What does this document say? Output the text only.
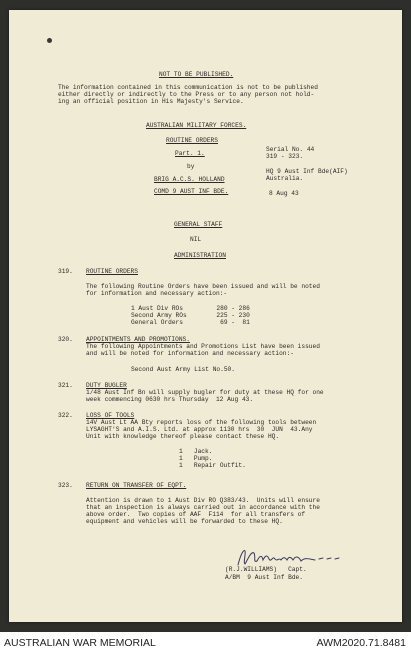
NOT TO BE PUBLISHED.
The information contained in this communication is not to be published
either directly or indirectly to the Press or to any person not hold-
ing an official position in His Majesty's Service.
AUSTRALIAN MILITARY FORCES.
ROUTINE ORDERS
Part. 1.
by
BRIG A.C.S. HOLLAND
COMD 9 AUST INF BDE.
Serial No. 44
319 - 323.
HQ 9 Aust Inf Bde(AIF)
Australia.
8 Aug 43
GENERAL STAFF
NIL
ADMINISTRATION
319. ROUTINE ORDERS
The following Routine Orders have been issued and will be noted
for information and necessary action:-
1 Aust Div ROs         280 - 286
Second Army ROs        225 - 230
General Orders          69 -  81
320. APPOINTMENTS AND PROMOTIONS.
The following Appointments and Promotions List have been issued
and will be noted for information and necessary action:-
Second Aust Army List No.50.
321. DUTY BUGLER
1/48 Aust Inf Bn will supply bugler for duty at these HQ for one
week commencing 0630 hrs Thursday  12 Aug 43.
322. LOSS OF TOOLS
14V Aust Lt AA Bty reports loss of the following tools between
LYSAGHT'S and A.I.S. Ltd. at approx 1130 hrs  30  JUN  43.Any
Unit with knowledge thereof please contact these HQ.
1   Jack.
1   Pump.
1   Repair Outfit.
323. RETURN ON TRANSFER OF EQPT.
Attention is drawn to 1 Aust Div RO Q383/43.  Units will ensure
that an inspection is always carried out in accordance with the
above order.  Two copies of AAF  F114  for all transfers of
equipment and vehicles will be forwarded to these HQ.
(R.J.WILLIAMS)   Capt.
A/BM  9 Aust Inf Bde.
AUSTRALIAN WAR MEMORIAL	AWM2020.71.8481
